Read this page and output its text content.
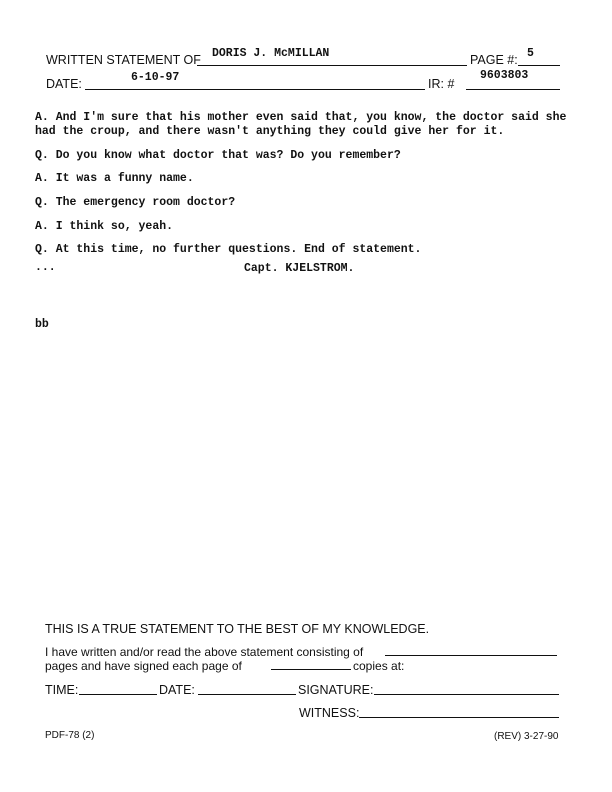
WRITTEN STATEMENT OF DORIS J. McMILLAN	PAGE #: 5
DATE:	6-10-97	IR: #
9603803
A. And I'm sure that his mother even said that, you know, the doctor said she
had the croup, and there wasn't anything they could give her for it.
Q. Do you know what doctor that was? Do you remember?
A. It was a funny name.
Q. The emergency room doctor?
A. I think so, yeah.
Q. At this time, no further questions. End of statement.
...	Capt. KJELSTROM.
bb
THIS IS A TRUE STATEMENT TO THE BEST OF MY KNOWLEDGE.
I have written and/or read the above statement consisting of
pages and have signed each page of	copies at:
TIME:	DATE:	SIGNATURE:
WITNESS:
PDF-78 (2)	(REV) 3-27-90
